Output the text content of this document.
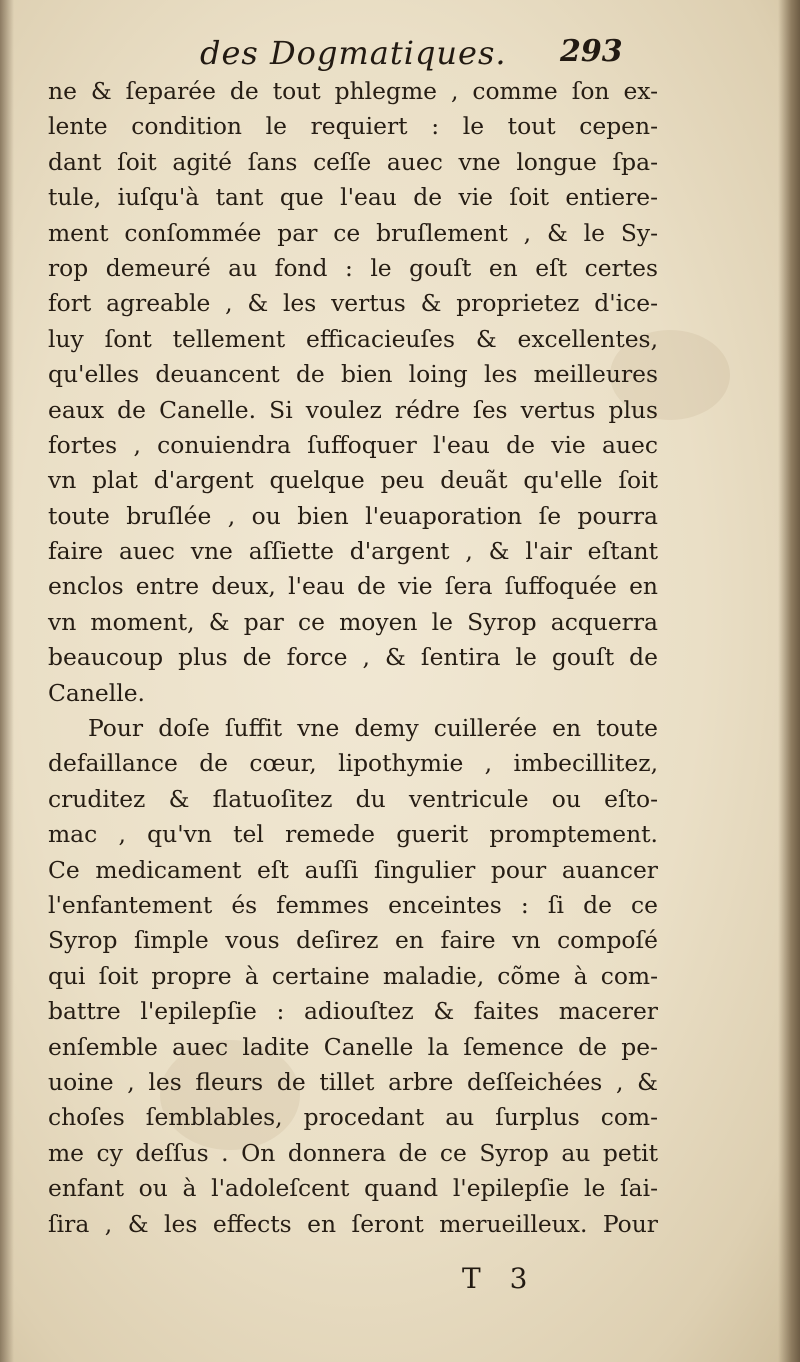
des Dogmatiques. 293
ne & ſeparée de tout phlegme , comme ſon ex-
lente condition le requiert : le tout cepen-
dant ſoit agité ſans ceſſe auec vne longue ſpa-
tule, iuſqu'à tant que l'eau de vie ſoit entiere-
ment conſommée par ce bruſlement , & le Sy-
rop demeuré au fond : le gouſt en eſt certes
fort agreable , & les vertus & proprietez d'ice-
luy ſont tellement efficacieuſes & excellentes,
qu'elles deuancent de bien loing les meilleures
eaux de Canelle. Si voulez rédre ſes vertus plus
fortes , conuiendra ſuffoquer l'eau de vie auec
vn plat d'argent quelque peu deuãt qu'elle ſoit
toute bruſlée , ou bien l'euaporation ſe pourra
faire auec vne aſſiette d'argent , & l'air eſtant
enclos entre deux, l'eau de vie ſera ſuffoquée en
vn moment, & par ce moyen le Syrop acquerra
beaucoup plus de force , & ſentira le gouſt de
Canelle.
Pour doſe ſuffit vne demy cuillerée en toute
defaillance de cœur, lipothymie , imbecillitez,
cruditez & flatuoſitez du ventricule ou eſto-
mac , qu'vn tel remede guerit promptement.
Ce medicament eſt auſſi ſingulier pour auancer
l'enfantement és femmes enceintes : ſi de ce
Syrop ſimple vous deſirez en faire vn compoſé
qui ſoit propre à certaine maladie, cõme à com-
battre l'epilepſie : adiouſtez & faites macerer
enſemble auec ladite Canelle la ſemence de pe-
uoine , les fleurs de tillet arbre deſſeichées , &
choſes ſemblables, procedant au ſurplus com-
me cy deſſus . On donnera de ce Syrop au petit
enfant ou à l'adoleſcent quand l'epilepſie le ſai-
ſira , & les effects en ſeront merueilleux. Pour
T 3
